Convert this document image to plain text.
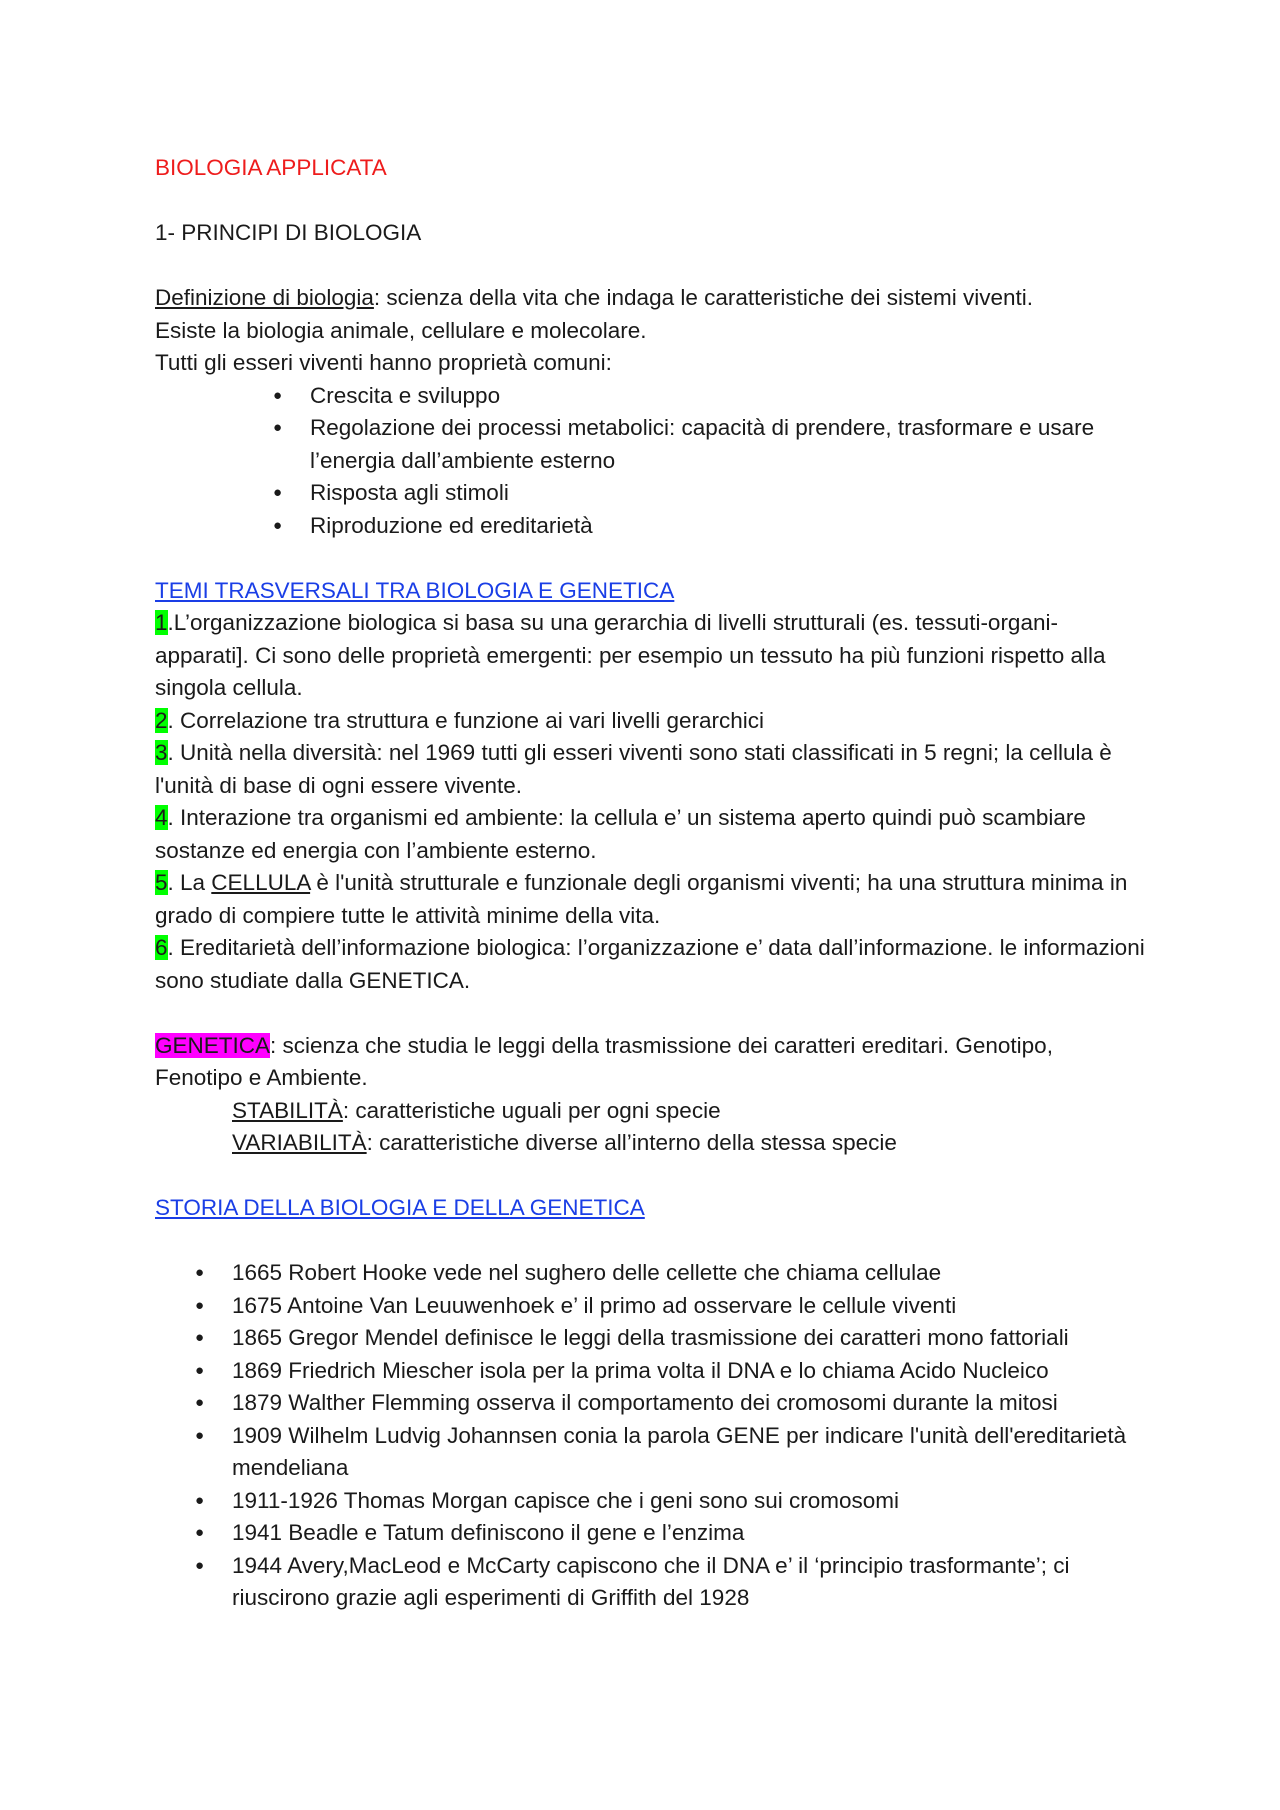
BIOLOGIA APPLICATA

1- PRINCIPI DI BIOLOGIA

Definizione di biologia: scienza della vita che indaga le caratteristiche dei sistemi viventi.

Esiste la biologia animale, cellulare e molecolare.

Tutti gli esseri viventi hanno proprietà comuni:

● Crescita e sviluppo
● Regolazione dei processi metabolici: capacità di prendere, trasformare e usare l’energia dall’ambiente esterno
● Risposta agli stimoli
● Riproduzione ed ereditarietà

TEMI TRASVERSALI TRA BIOLOGIA E GENETICA

1.L’organizzazione biologica si basa su una gerarchia di livelli strutturali (es. tessuti-organi-apparati]. Ci sono delle proprietà emergenti: per esempio un tessuto ha più funzioni rispetto alla singola cellula.

2. Correlazione tra struttura e funzione ai vari livelli gerarchici

3. Unità nella diversità: nel 1969 tutti gli esseri viventi sono stati classificati in 5 regni; la cellula è l'unità di base di ogni essere vivente.

4. Interazione tra organismi ed ambiente: la cellula e’ un sistema aperto quindi può scambiare sostanze ed energia con l’ambiente esterno.

5. La CELLULA è l'unità strutturale e funzionale degli organismi viventi; ha una struttura minima in grado di compiere tutte le attività minime della vita.

6. Ereditarietà dell’informazione biologica: l’organizzazione e’ data dall’informazione. le informazioni sono studiate dalla GENETICA.

GENETICA: scienza che studia le leggi della trasmissione dei caratteri ereditari. Genotipo, Fenotipo e Ambiente.

STABILITÀ: caratteristiche uguali per ogni specie

VARIABILITÀ: caratteristiche diverse all’interno della stessa specie

STORIA DELLA BIOLOGIA E DELLA GENETICA

● 1665 Robert Hooke vede nel sughero delle cellette che chiama cellulae
● 1675 Antoine Van Leuuwenhoek e’ il primo ad osservare le cellule viventi
● 1865 Gregor Mendel definisce le leggi della trasmissione dei caratteri mono fattoriali
● 1869 Friedrich Miescher isola per la prima volta il DNA e lo chiama Acido Nucleico
● 1879 Walther Flemming osserva il comportamento dei cromosomi durante la mitosi
● 1909 Wilhelm Ludvig Johannsen conia la parola GENE per indicare l'unità dell'ereditarietà mendeliana
● 1911-1926 Thomas Morgan capisce che i geni sono sui cromosomi
● 1941 Beadle e Tatum definiscono il gene e l’enzima
● 1944 Avery,MacLeod e McCarty capiscono che il DNA e’ il ‘principio trasformante’; ci riuscirono grazie agli esperimenti di Griffith del 1928
